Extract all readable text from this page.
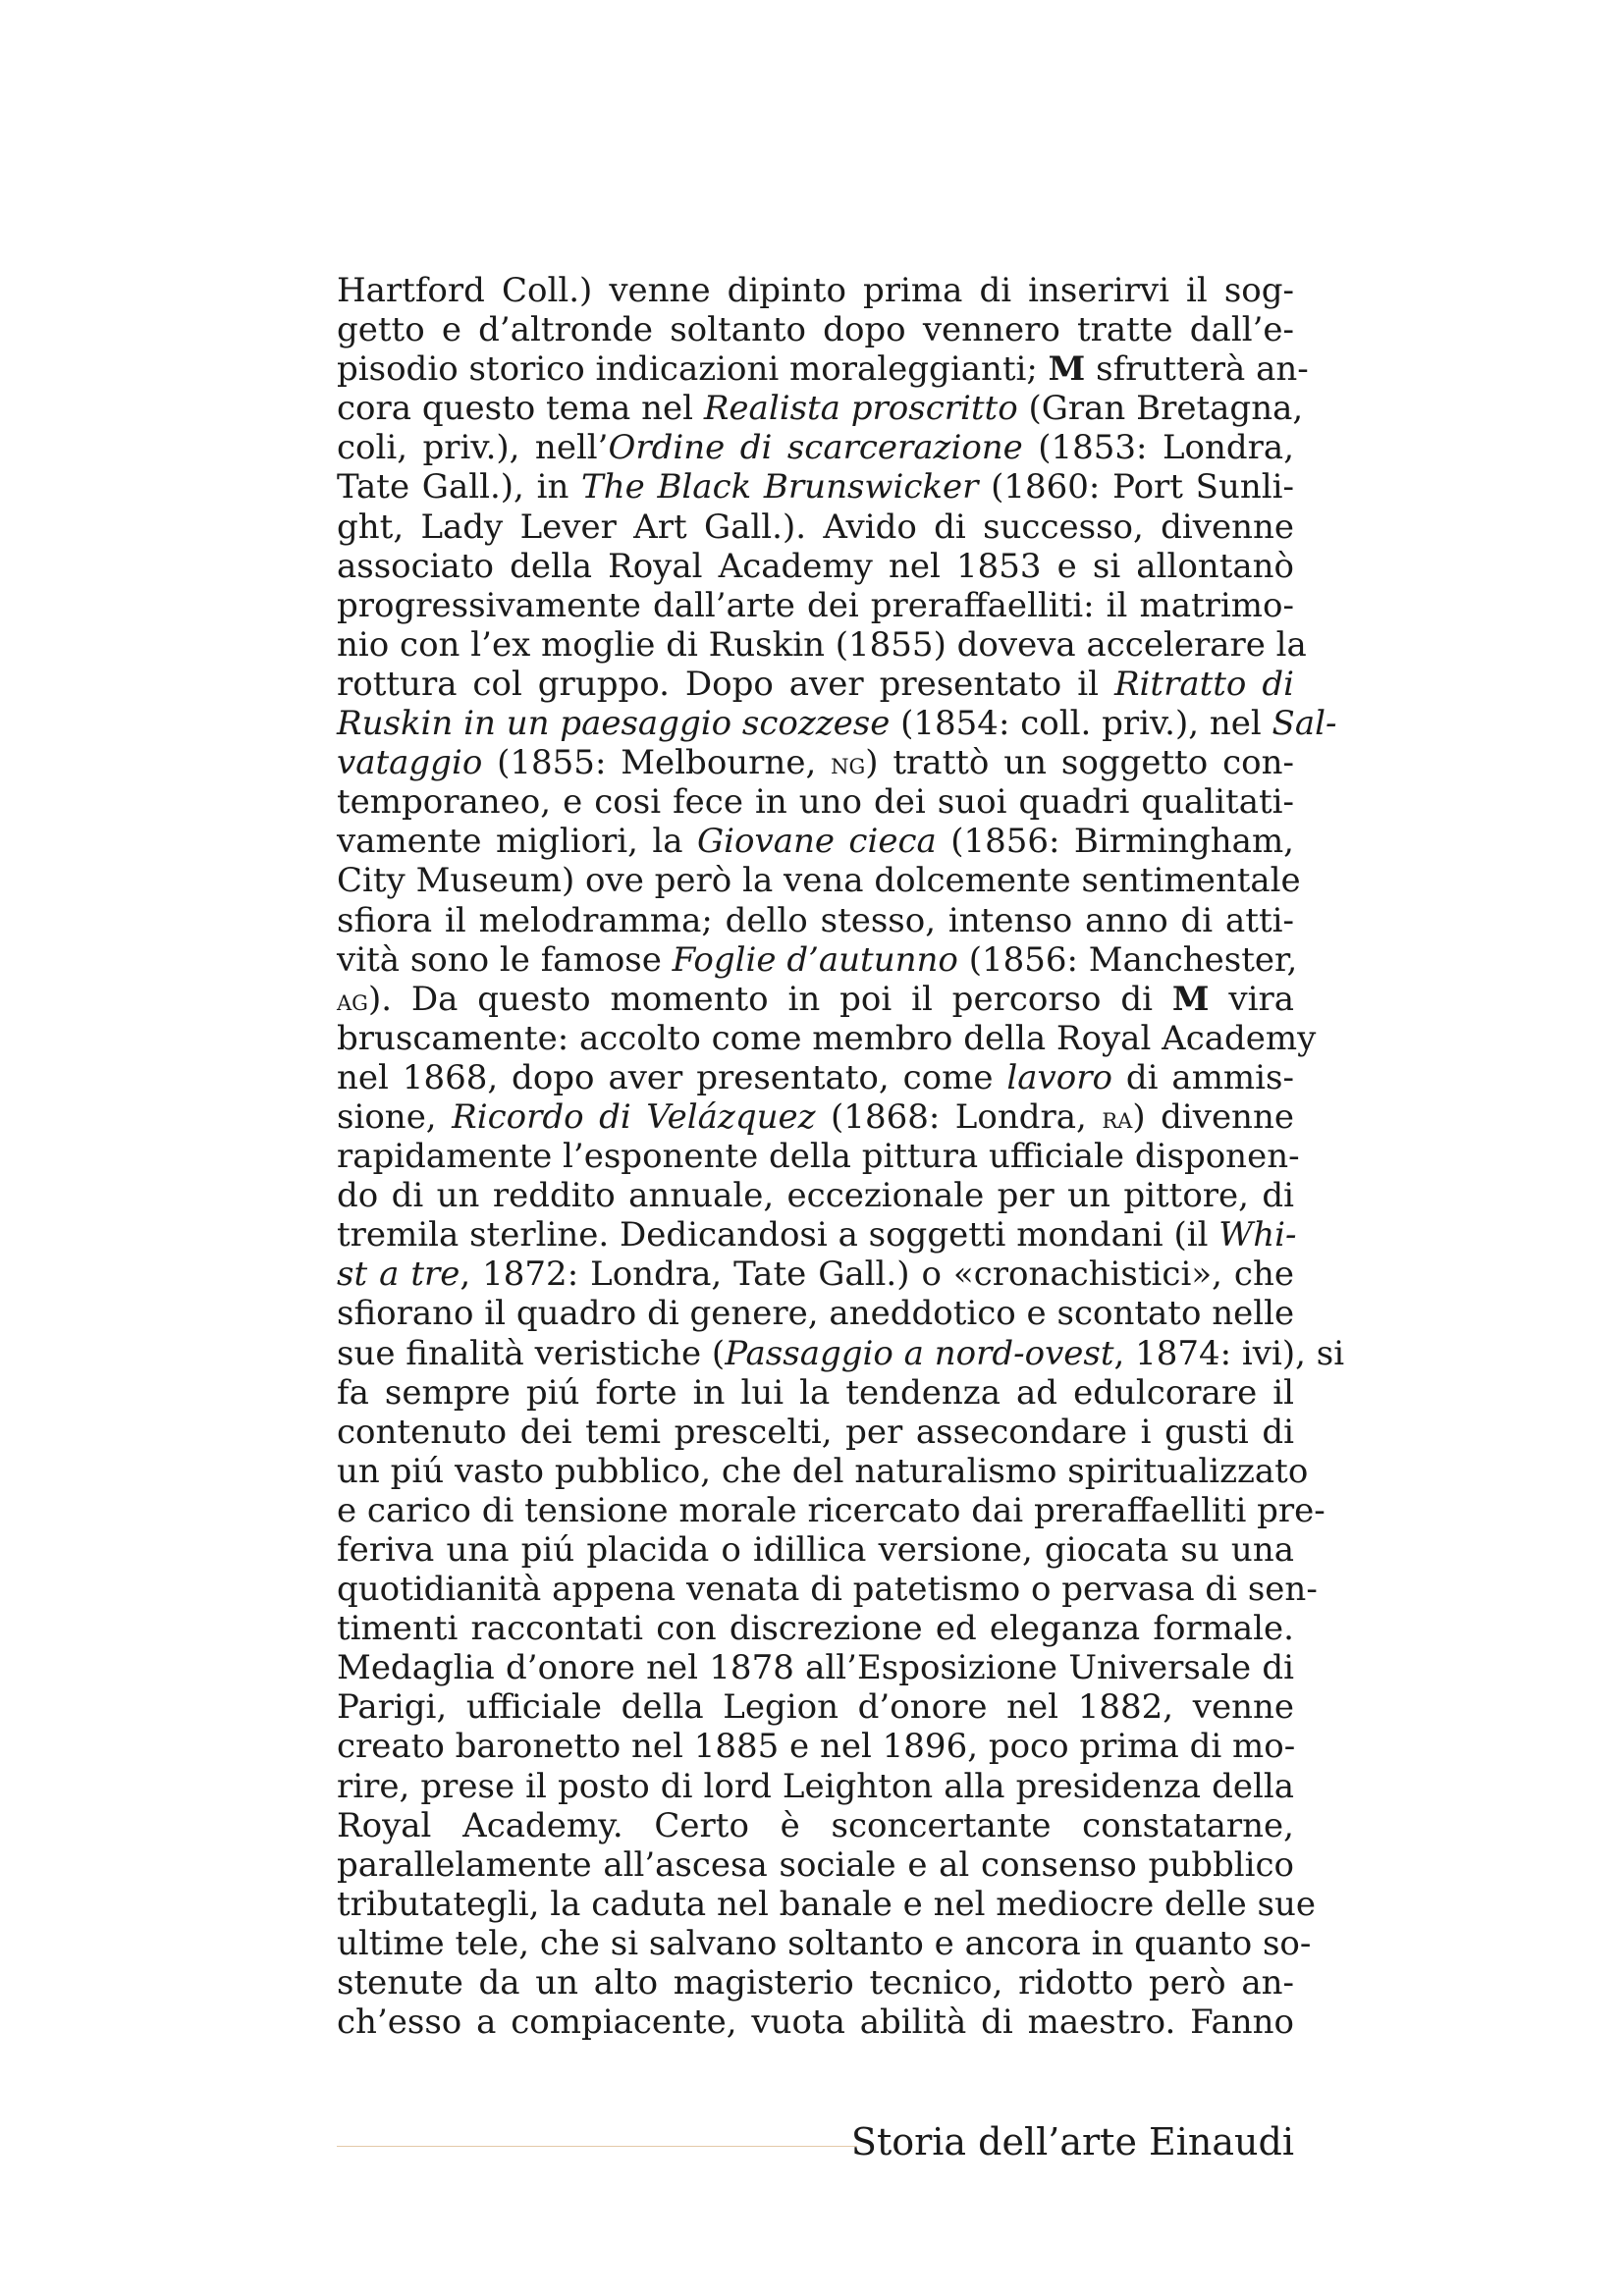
Hartford Coll.) venne dipinto prima di inserirvi il sog-
getto e d’altronde soltanto dopo vennero tratte dall’e-
pisodio storico indicazioni moraleggianti; M sfrutterà an-
cora questo tema nel Realista proscritto (Gran Bretagna,
coli, priv.), nell’Ordine di scarcerazione (1853: Londra,
Tate Gall.), in The Black Brunswicker (1860: Port Sunli-
ght, Lady Lever Art Gall.). Avido di successo, divenne
associato della Royal Academy nel 1853 e si allontanò
progressivamente dall’arte dei preraffaelliti: il matrimo-
nio con l’ex moglie di Ruskin (1855) doveva accelerare la
rottura col gruppo. Dopo aver presentato il Ritratto di
Ruskin in un paesaggio scozzese (1854: coll. priv.), nel Sal-
vataggio (1855: Melbourne, ng) trattò un soggetto con-
temporaneo, e cosi fece in uno dei suoi quadri qualitati-
vamente migliori, la Giovane cieca (1856: Birmingham,
City Museum) ove però la vena dolcemente sentimentale
sfiora il melodramma; dello stesso, intenso anno di atti-
vità sono le famose Foglie d’autunno (1856: Manchester,
ag). Da questo momento in poi il percorso di M vira
bruscamente: accolto come membro della Royal Academy
nel 1868, dopo aver presentato, come lavoro di ammis-
sione, Ricordo di Velázquez (1868: Londra, ra) divenne
rapidamente l’esponente della pittura ufficiale disponen-
do di un reddito annuale, eccezionale per un pittore, di
tremila sterline. Dedicandosi a soggetti mondani (il Whi-
st a tre, 1872: Londra, Tate Gall.) o «cronachistici», che
sfiorano il quadro di genere, aneddotico e scontato nelle
sue finalità veristiche (Passaggio a nord-ovest, 1874: ivi), si
fa sempre piú forte in lui la tendenza ad edulcorare il
contenuto dei temi prescelti, per assecondare i gusti di
un piú vasto pubblico, che del naturalismo spiritualizzato
e carico di tensione morale ricercato dai preraffaelliti pre-
feriva una piú placida o idillica versione, giocata su una
quotidianità appena venata di patetismo o pervasa di sen-
timenti raccontati con discrezione ed eleganza formale.
Medaglia d’onore nel 1878 all’Esposizione Universale di
Parigi, ufficiale della Legion d’onore nel 1882, venne
creato baronetto nel 1885 e nel 1896, poco prima di mo-
rire, prese il posto di lord Leighton alla presidenza della
Royal Academy. Certo è sconcertante constatarne,
parallelamente all’ascesa sociale e al consenso pubblico
tributategli, la caduta nel banale e nel mediocre delle sue
ultime tele, che si salvano soltanto e ancora in quanto so-
stenute da un alto magisterio tecnico, ridotto però an-
ch’esso a compiacente, vuota abilità di maestro. Fanno
Storia dell’arte Einaudi
